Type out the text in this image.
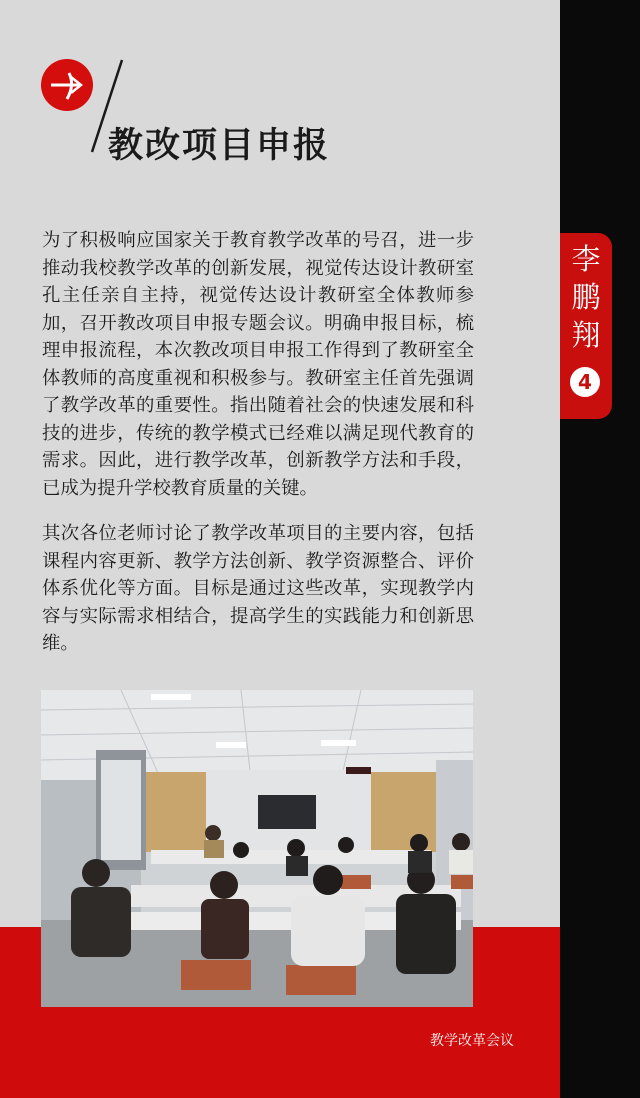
教改项目申报
李
鹏
翔
4
为了积极响应国家关于教育教学改革的号召，进一步推动我校教学改革的创新发展，视觉传达设计教研室孔主任亲自主持，视觉传达设计教研室全体教师参加，召开教改项目申报专题会议。明确申报目标，梳理申报流程，本次教改项目申报工作得到了教研室全体教师的高度重视和积极参与。教研室主任首先强调了教学改革的重要性。指出随着社会的快速发展和科技的进步，传统的教学模式已经难以满足现代教育的需求。因此，进行教学改革，创新教学方法和手段，已成为提升学校教育质量的关键。
其次各位老师讨论了教学改革项目的主要内容，包括课程内容更新、教学方法创新、教学资源整合、评价体系优化等方面。目标是通过这些改革，实现教学内容与实际需求相结合，提高学生的实践能力和创新思维。
教学改革会议
